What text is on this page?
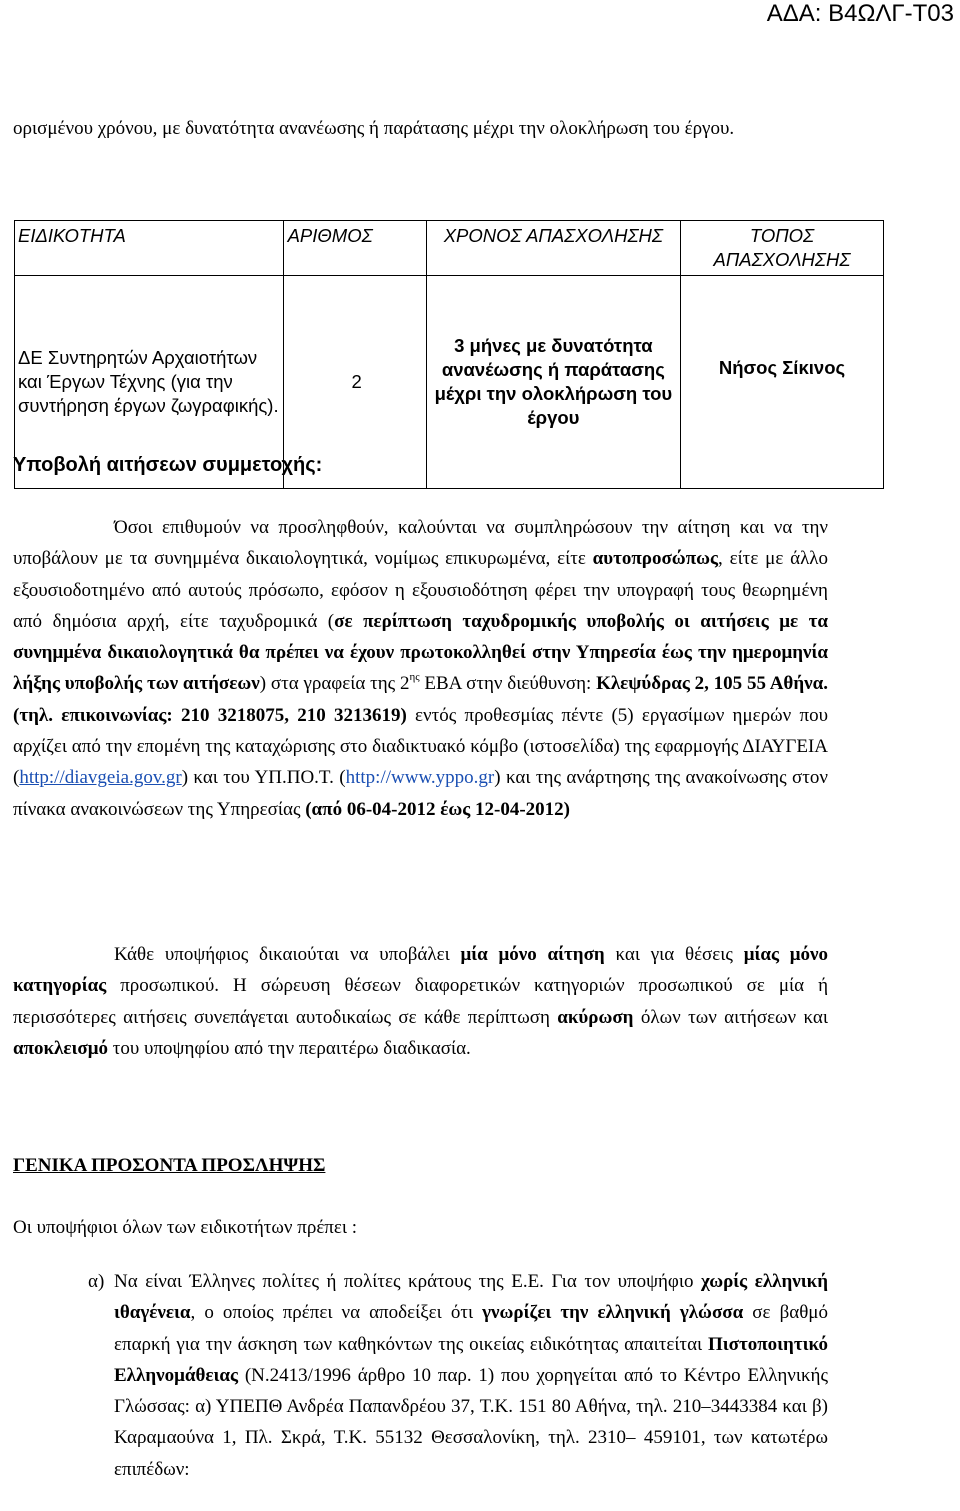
ΑΔΑ: Β4ΩΛΓ-Τ03

ορισμένου χρόνου, με δυνατότητα ανανέωσης ή παράτασης μέχρι την ολοκλήρωση του έργου.

ΕΙΔΙΚΟΤΗΤΑ	ΑΡΙΘΜΟΣ	ΧΡΟΝΟΣ ΑΠΑΣΧΟΛΗΣΗΣ	ΤΟΠΟΣ ΑΠΑΣΧΟΛΗΣΗΣ
ΔΕ Συντηρητών Αρχαιοτήτων και Έργων Τέχνης (για την συντήρηση έργων ζωγραφικής).	2	3 μήνες με δυνατότητα ανανέωσης ή παράτασης μέχρι την ολοκλήρωση του έργου	Νήσος Σίκινος
Υποβολή αιτήσεων συμμετοχής:

Όσοι επιθυμούν να προσληφθούν, καλούνται να συμπληρώσουν την αίτηση και να την υποβάλουν με τα συνημμένα δικαιολογητικά, νομίμως επικυρωμένα, είτε αυτοπροσώπως, είτε με άλλο εξουσιοδοτημένο από αυτούς πρόσωπο, εφόσον η εξουσιοδότηση φέρει την υπογραφή τους θεωρημένη από δημόσια αρχή, είτε ταχυδρομικά (σε περίπτωση ταχυδρομικής υποβολής οι αιτήσεις με τα συνημμένα δικαιολογητικά θα πρέπει να έχουν πρωτοκολληθεί στην Υπηρεσία έως την ημερομηνία λήξης υποβολής των αιτήσεων) στα γραφεία της $2^{\eta\varsigma}$ ΕΒΑ στην διεύθυνση: Κλεψύδρας 2, 105 55 Αθήνα. (τηλ. επικοινωνίας: 210 3218075, 210 3213619) εντός προθεσμίας πέντε (5) εργασίμων ημερών που αρχίζει από την επομένη της καταχώρισης στο διαδικτυακό κόμβο (ιστοσελίδα) της εφαρμογής ΔΙΑΥΓΕΙΑ (http://diavgeia.gov.gr) και του ΥΠ.ΠΟ.Τ. (http://www.yppo.gr) και της ανάρτησης της ανακοίνωσης στον πίνακα ανακοινώσεων της Υπηρεσίας (από 06-04-2012 έως 12-04-2012)

Κάθε υποψήφιος δικαιούται να υποβάλει μία μόνο αίτηση και για θέσεις μίας μόνο κατηγορίας προσωπικού. Η σώρευση θέσεων διαφορετικών κατηγοριών προσωπικού σε μία ή περισσότερες αιτήσεις συνεπάγεται αυτοδικαίως σε κάθε περίπτωση ακύρωση όλων των αιτήσεων και αποκλεισμό του υποψηφίου από την περαιτέρω διαδικασία.

ΓΕΝΙΚΑ ΠΡΟΣΟΝΤΑ ΠΡΟΣΛΗΨΗΣ
Οι υποψήφιοι όλων των ειδικοτήτων πρέπει :
α) Να είναι Έλληνες πολίτες ή πολίτες κράτους της Ε.Ε. Για τον υποψήφιο χωρίς ελληνική ιθαγένεια, ο οποίος πρέπει να αποδείξει ότι γνωρίζει την ελληνική γλώσσα σε βαθμό επαρκή για την άσκηση των καθηκόντων της οικείας ειδικότητας απαιτείται Πιστοποιητικό Ελληνομάθειας (Ν.2413/1996 άρθρο 10 παρ. 1) που χορηγείται από το Κέντρο Ελληνικής Γλώσσας: α) ΥΠΕΠΘ Ανδρέα Παπανδρέου 37, Τ.Κ. 151 80 Αθήνα, τηλ. 210–3443384 και β) Καραμαούνα 1, Πλ. Σκρά, Τ.Κ. 55132 Θεσσαλονίκη, τηλ. 2310– 459101, των κατωτέρω επιπέδων:
